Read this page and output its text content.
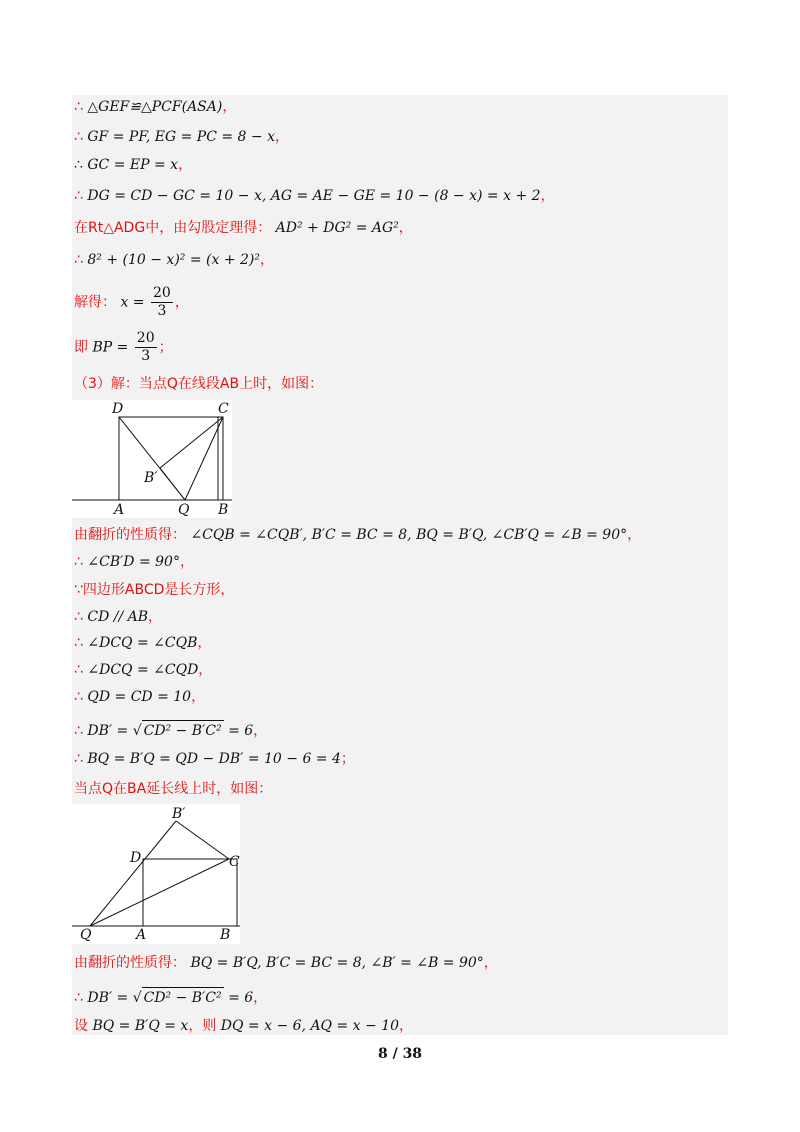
∴ △GEF≌△PCF(ASA)，
∴ GF = PF, EG = PC = 8 − x，
∴ GC = EP = x，
∴ DG = CD − GC = 10 − x, AG = AE − GE = 10 − (8 − x) = x + 2，
在Rt△ADG中，由勾股定理得： AD² + DG² = AG²，
∴ 8² + (10 − x)² = (x + 2)²，
解得： $x = \frac{20}{3}$ ，
即 BP = $\frac{20}{3}$ ；
（3）解：当点Q在线段AB上时，如图：
D	C
B′
A	Q B
由翻折的性质得： ∠CQB = ∠CQB′, B′C = BC = 8, BQ = B′Q, ∠CB′Q = ∠B = 90°，
∴ ∠CB′D = 90°，
∵四边形ABCD是长方形，
∴ CD // AB，
∴ ∠DCQ = ∠CQB，
∴ ∠DCQ = ∠CQD，
∴ QD = CD = 10，
∴ DB′ = √ CD² − B′C² = 6，
∴ BQ = B′Q = QD − DB′ = 10 − 6 = 4；
当点Q在BA延长线上时，如图：
B′
D	C
Q	A	B
由翻折的性质得： BQ = B′Q, B′C = BC = 8, ∠B′ = ∠B = 90°，
∴ DB′ = √ CD² − B′C² = 6，
设 BQ = B′Q = x，则 DQ = x − 6, AQ = x − 10，
8 / 38
